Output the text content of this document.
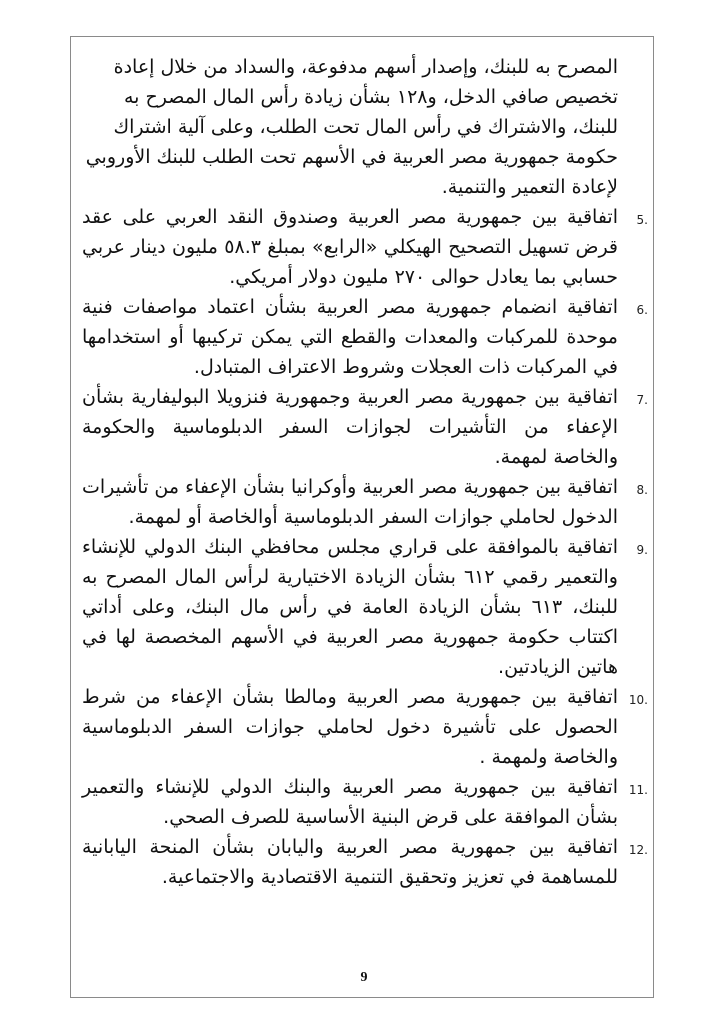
المصرح به للبنك، وإصدار أسهم مدفوعة، والسداد من خلال إعادة تخصيص صافي الدخل، و١٢٨ بشأن زيادة رأس المال المصرح به للبنك، والاشتراك في رأس المال تحت الطلب، وعلى آلية اشتراك حكومة جمهورية مصر العربية في الأسهم تحت الطلب للبنك الأوروبي لإعادة التعمير والتنمية.
5.
اتفاقية بين جمهورية مصر العربية وصندوق النقد العربي على عقد قرض تسهيل التصحيح الهيكلي «الرابع» بمبلغ ٥٨.٣ مليون دينار عربي حسابي بما يعادل حوالى ٢٧٠ مليون دولار أمريكي.
6.
اتفاقية انضمام جمهورية مصر العربية بشأن اعتماد مواصفات فنية موحدة للمركبات والمعدات والقطع التي يمكن تركيبها أو استخدامها في المركبات ذات العجلات وشروط الاعتراف المتبادل.
7.
اتفاقية بين جمهورية مصر العربية وجمهورية فنزويلا البوليفارية بشأن الإعفاء من التأشيرات لجوازات السفر الدبلوماسية والحكومة والخاصة لمهمة.
8.
اتفاقية بين جمهورية مصر العربية وأوكرانيا بشأن الإعفاء من تأشيرات الدخول لحاملي جوازات السفر الدبلوماسية أوالخاصة أو لمهمة.
9.
اتفاقية بالموافقة على قراري مجلس محافظي البنك الدولي للإنشاء والتعمير رقمي ٦١٢ بشأن الزيادة الاختيارية لرأس المال المصرح به للبنك، ٦١٣ بشأن الزيادة العامة في رأس مال البنك، وعلى أداتي اكتتاب حكومة جمهورية مصر العربية في الأسهم المخصصة لها في هاتين الزيادتين.
10.
اتفاقية بين جمهورية مصر العربية ومالطا بشأن الإعفاء من شرط الحصول على تأشيرة دخول لحاملي جوازات السفر الدبلوماسية والخاصة ولمهمة .
11.
اتفاقية بين جمهورية مصر العربية والبنك الدولي للإنشاء والتعمير بشأن الموافقة على قرض البنية الأساسية للصرف الصحي.
12.
اتفاقية بين جمهورية مصر العربية واليابان بشأن المنحة اليابانية للمساهمة في تعزيز وتحقيق التنمية الاقتصادية والاجتماعية.
9
